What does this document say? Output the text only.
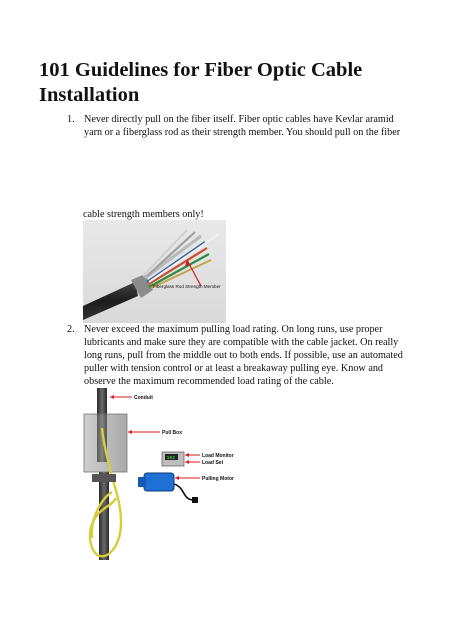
101 Guidelines for Fiber Optic Cable
Installation
1. Never directly pull on the fiber itself. Fiber optic cables have Kevlar aramid
yarn or a fiberglass rod as their strength member. You should pull on the fiber
cable strength members only!
Fiberglass Rod Strength Member
2. Never exceed the maximum pulling load rating. On long runs, use proper
lubricants and make sure they are compatible with the cable jacket. On really
long runs, pull from the middle out to both ends. If possible, use an automated
puller with tension control or at least a breakaway pulling eye. Know and
observe the maximum recommended load rating of the cable.
162
Conduit
Pull Box
Load Monitor
Load Set
Pulling Motor
